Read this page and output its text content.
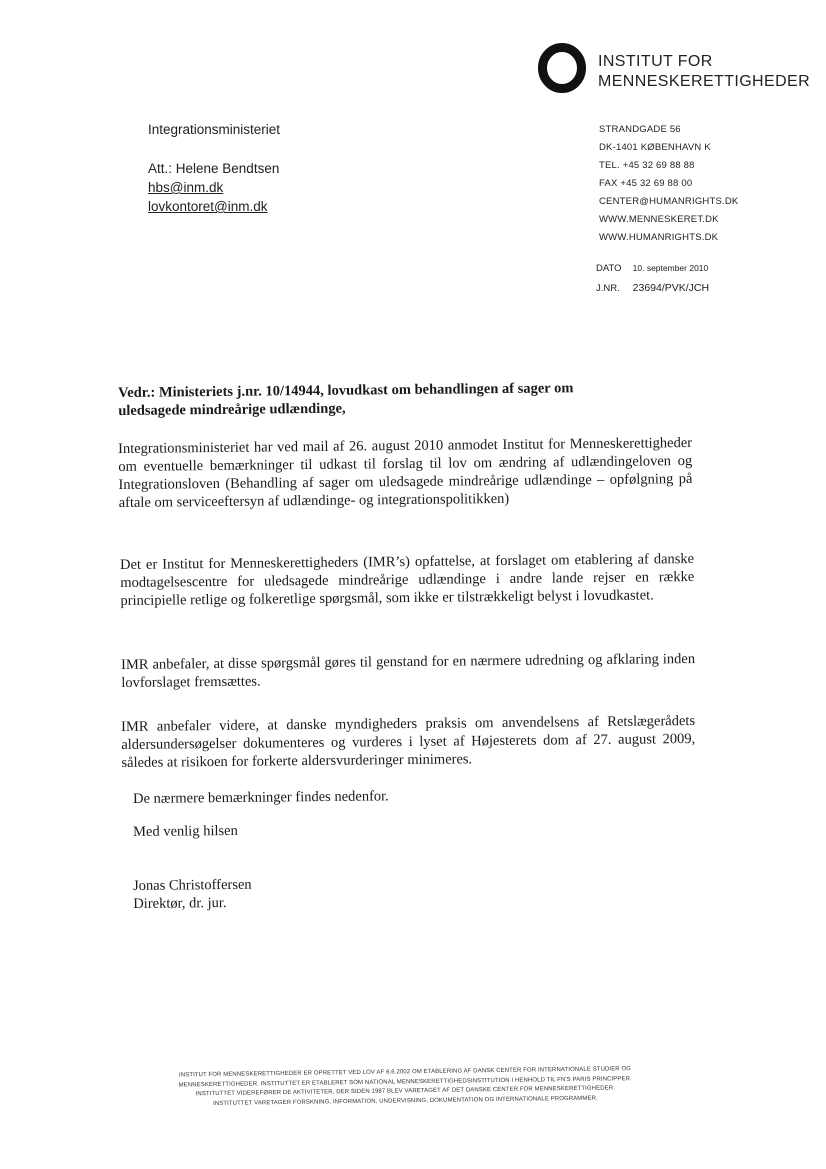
INSTITUT FOR
MENNESKERETTIGHEDER
Integrationsministeriet
Att.: Helene Bendtsen
hbs@inm.dk
lovkontoret@inm.dk
STRANDGADE 56
DK-1401 KØBENHAVN K
TEL. +45 32 69 88 88
FAX +45 32 69 88 00
CENTER@HUMANRIGHTS.DK
WWW.MENNESKERET.DK
WWW.HUMANRIGHTS.DK
DATO 10. september 2010
J.NR. 23694/PVK/JCH

Vedr.: Ministeriets j.nr. 10/14944, lovudkast om behandlingen af sager om uledsagede mindreårige udlændinge,

Integrationsministeriet har ved mail af 26. august 2010 anmodet Institut for Menneskerettigheder om eventuelle bemærkninger til udkast til forslag til lov om ændring af udlændingeloven og Integrationsloven (Behandling af sager om uledsagede mindreårige udlændinge – opfølgning på aftale om serviceeftersyn af udlændinge- og integrationspolitikken)

Det er Institut for Menneskerettigheders (IMR’s) opfattelse, at forslaget om etablering af danske modtagelsescentre for uledsagede mindreårige udlændinge i andre lande rejser en række principielle retlige og folkeretlige spørgsmål, som ikke er tilstrækkeligt belyst i lovudkastet.

IMR anbefaler, at disse spørgsmål gøres til genstand for en nærmere udredning og afklaring inden lovforslaget fremsættes.

IMR anbefaler videre, at danske myndigheders praksis om anvendelsens af Retslægerådets aldersundersøgelser dokumenteres og vurderes i lyset af Højesterets dom af 27. august 2009, således at risikoen for forkerte aldersvurderinger minimeres.

De nærmere bemærkninger findes nedenfor.

Med venlig hilsen

Jonas Christoffersen
Direktør, dr. jur.
INSTITUT FOR MENNESKERETTIGHEDER ER OPRETTET VED LOV AF 6.6.2002 OM ETABLERING AF DANSK CENTER FOR INTERNATIONALE STUDIER OG
MENNESKERETTIGHEDER. INSTITUTTET ER ETABLERET SOM NATIONAL MENNESKERETTIGHEDSINSTITUTION I HENHOLD TIL FN'S PARIS PRINCIPPER.
INSTITUTTET VIDEREFØRER DE AKTIVITETER, DER SIDEN 1987 BLEV VARETAGET AF DET DANSKE CENTER FOR MENNESKERETTIGHEDER.
INSTITUTTET VARETAGER FORSKNING, INFORMATION, UNDERVISNING, DOKUMENTATION OG INTERNATIONALE PROGRAMMER.
